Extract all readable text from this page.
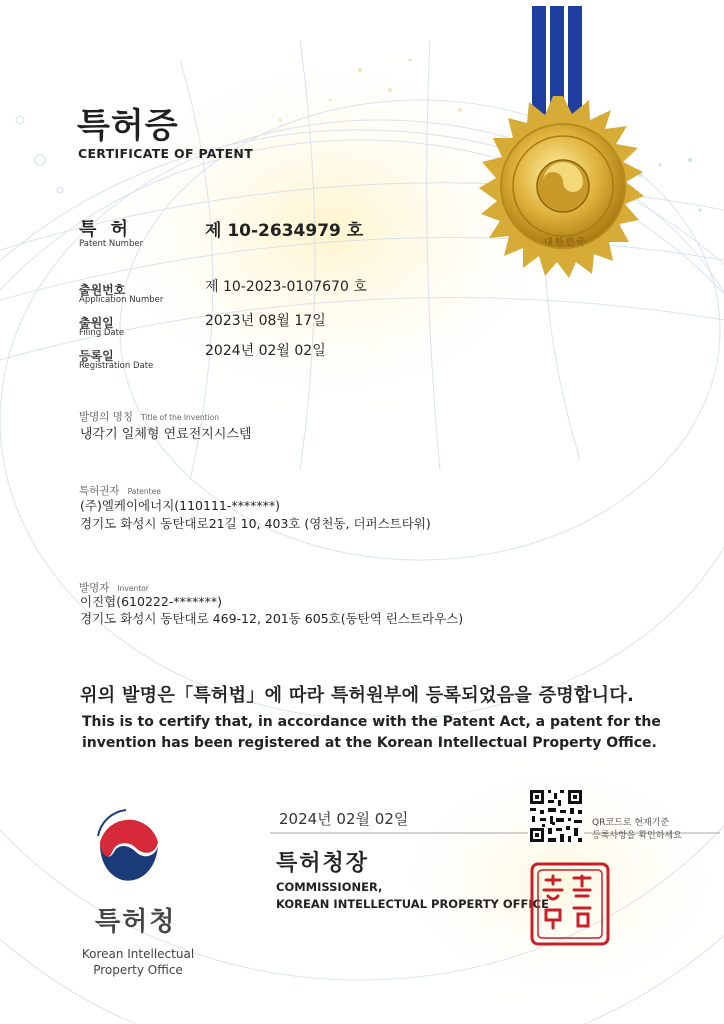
대한민국
특허증
CERTIFICATE OF PATENT
특 허
Patent Number
제 10-2634979 호
출원번호
Application Number
제 10-2023-0107670 호
출원일
Filing Date
2023년 08월 17일
등록일
Registration Date
2024년 02월 02일
발명의 명칭 Title of the Invention
냉각기 일체형 연료전지시스템
특허권자 Patentee
(주)엘케이에너지(110111-*******)
경기도 화성시 동탄대로21길 10, 403호 (영천동, 더퍼스트타워)
발명자 Inventor
이진협(610222-*******)
경기도 화성시 동탄대로 469-12, 201동 605호(동탄역 린스트라우스)
위의 발명은「특허법」에 따라 특허원부에 등록되었음을 증명합니다.
This is to certify that, in accordance with the Patent Act, a patent for the
invention has been registered at the Korean Intellectual Property Office.
2024년 02월 02일
특허청장
COMMISSIONER,
KOREAN INTELLECTUAL PROPERTY OFFICE
QR코드로 현재기준
등록사항을 확인하세요
특허청
Korean Intellectual
Property Office
